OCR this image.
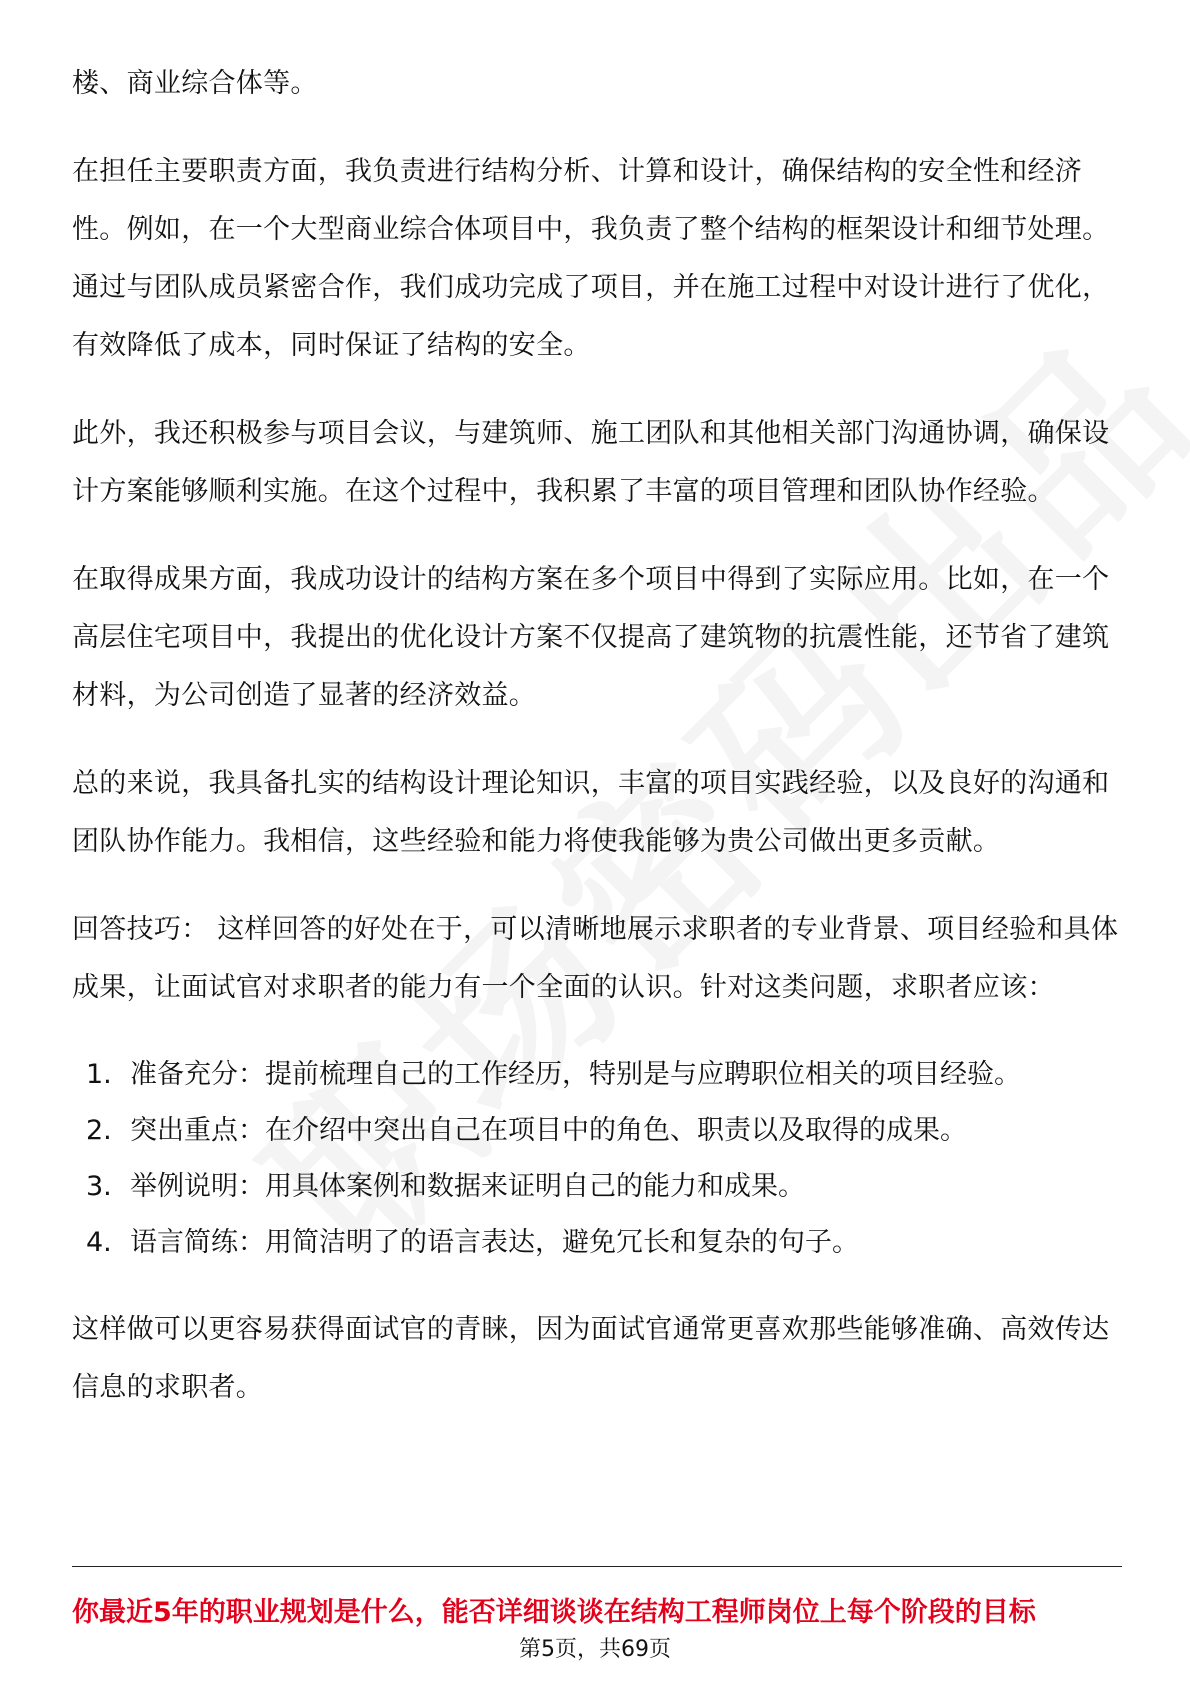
楼、商业综合体等。

在担任主要职责方面，我负责进行结构分析、计算和设计，确保结构的安全性和经济性。例如，在一个大型商业综合体项目中，我负责了整个结构的框架设计和细节处理。通过与团队成员紧密合作，我们成功完成了项目，并在施工过程中对设计进行了优化，有效降低了成本，同时保证了结构的安全。

此外，我还积极参与项目会议，与建筑师、施工团队和其他相关部门沟通协调，确保设计方案能够顺利实施。在这个过程中，我积累了丰富的项目管理和团队协作经验。

在取得成果方面，我成功设计的结构方案在多个项目中得到了实际应用。比如，在一个高层住宅项目中，我提出的优化设计方案不仅提高了建筑物的抗震性能，还节省了建筑材料，为公司创造了显著的经济效益。

总的来说，我具备扎实的结构设计理论知识，丰富的项目实践经验，以及良好的沟通和团队协作能力。我相信，这些经验和能力将使我能够为贵公司做出更多贡献。

回答技巧： 这样回答的好处在于，可以清晰地展示求职者的专业背景、项目经验和具体成果，让面试官对求职者的能力有一个全面的认识。针对这类问题，求职者应该：

1. 准备充分：提前梳理自己的工作经历，特别是与应聘职位相关的项目经验。
2. 突出重点：在介绍中突出自己在项目中的角色、职责以及取得的成果。
3. 举例说明：用具体案例和数据来证明自己的能力和成果。
4. 语言简练：用简洁明了的语言表达，避免冗长和复杂的句子。

这样做可以更容易获得面试官的青睐，因为面试官通常更喜欢那些能够准确、高效传达信息的求职者。

你最近5年的职业规划是什么，能否详细谈谈在结构工程师岗位上每个阶段的目标
第5页，共69页
